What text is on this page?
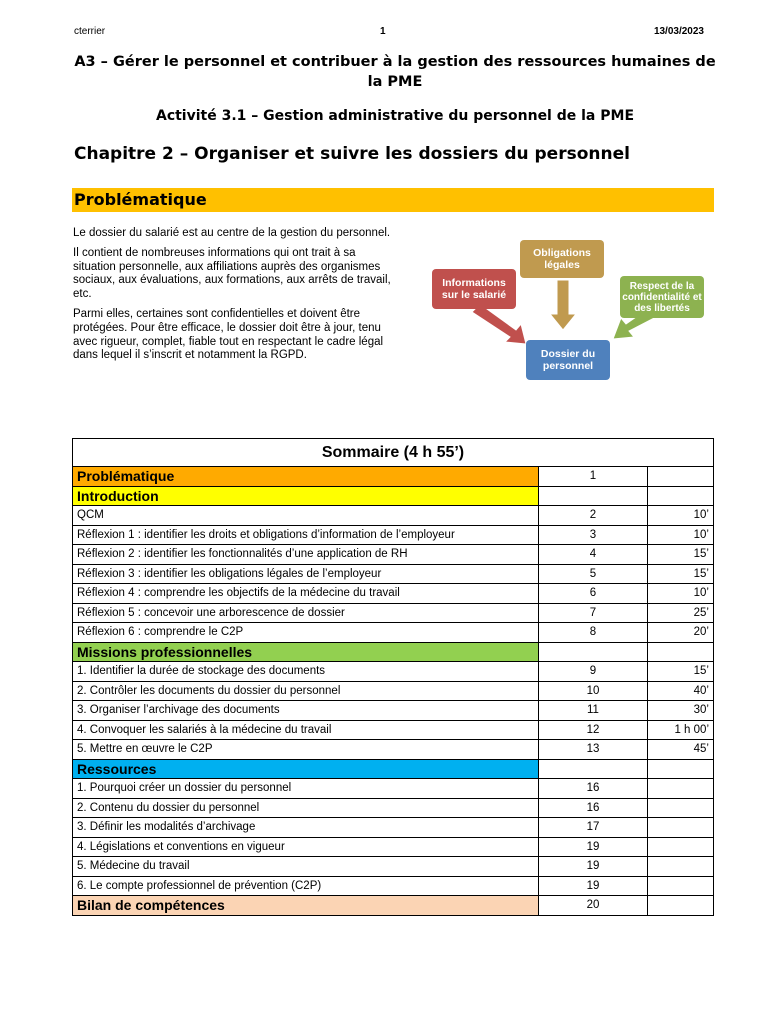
cterrier	1	13/03/2023
A3 – Gérer le personnel et contribuer à la gestion des ressources humaines de la PME
Activité 3.1 – Gestion administrative du personnel de la PME
Chapitre 2 – Organiser et suivre les dossiers du personnel
Problématique

Le dossier du salarié est au centre de la gestion du personnel.

Il contient de nombreuses informations qui ont trait à sa situation personnelle, aux affiliations auprès des organismes sociaux, aux évaluations, aux formations, aux arrêts de travail, etc.

Parmi elles, certaines sont confidentielles et doivent être protégées. Pour être efficace, le dossier doit être à jour, tenu avec rigueur, complet, fiable tout en respectant le cadre légal dans lequel il s’inscrit et notamment la RGPD.

Informations sur le salarié
Obligations légales
Respect de la confidentialité et des libertés
Dossier du personnel
Sommaire (4 h 55’)		
Problématique	1	
Introduction		
QCM	2	10’
Réflexion 1 : identifier les droits et obligations d’information de l’employeur	3	10’
Réflexion 2 : identifier les fonctionnalités d’une application de RH	4	15’
Réflexion 3 : identifier les obligations légales de l’employeur	5	15’
Réflexion 4 : comprendre les objectifs de la médecine du travail	6	10’
Réflexion 5 : concevoir une arborescence de dossier	7	25’
Réflexion 6 : comprendre le C2P	8	20’
Missions professionnelles		
1. Identifier la durée de stockage des documents	9	15’
2. Contrôler les documents du dossier du personnel	10	40’
3. Organiser l’archivage des documents	11	30’
4. Convoquer les salariés à la médecine du travail	12	1 h 00’
5. Mettre en œuvre le C2P	13	45’
Ressources		
1. Pourquoi créer un dossier du personnel	16	
2. Contenu du dossier du personnel	16	
3. Définir les modalités d’archivage	17	
4. Législations et conventions en vigueur	19	
5. Médecine du travail	19	
6. Le compte professionnel de prévention (C2P)	19	
Bilan de compétences	20	
